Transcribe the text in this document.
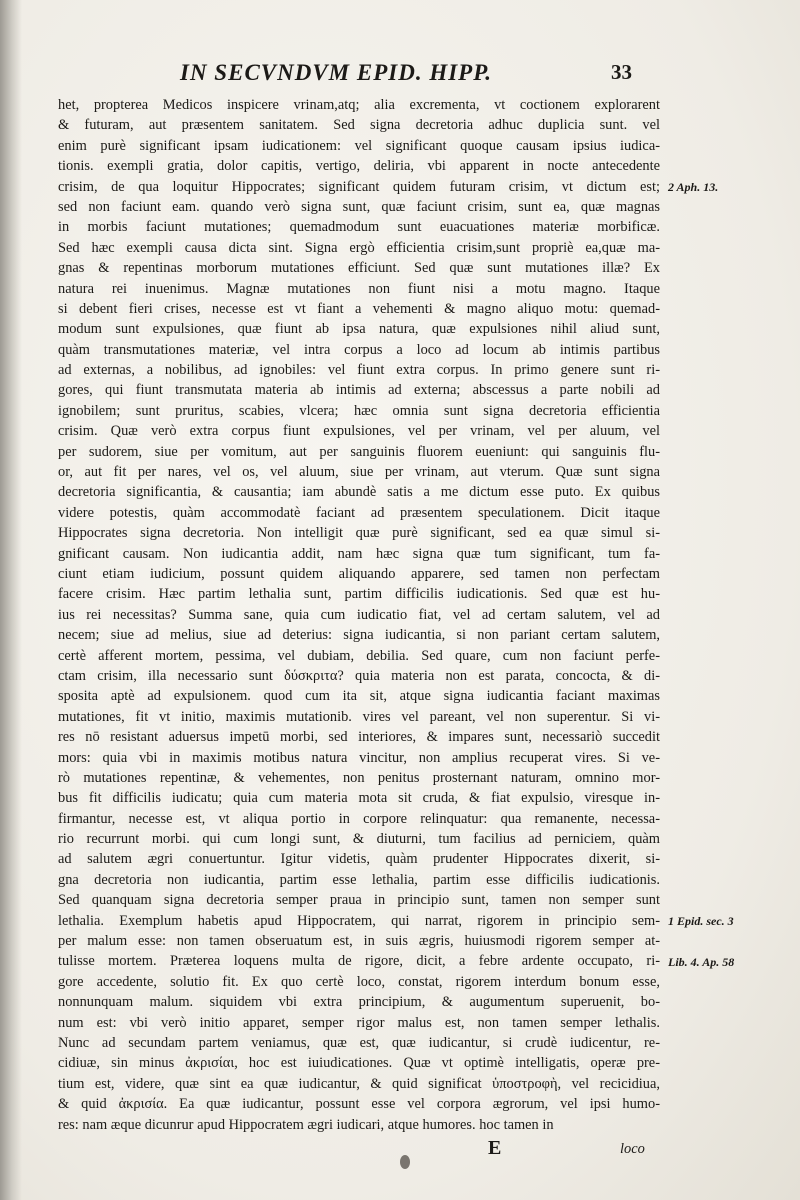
IN SECVNDVM EPID. HIPP.	33
het, propterea Medicos inspicere vrinam,atq; alia excrementa, vt coctionem explorarent
& futuram, aut præsentem sanitatem. Sed signa decretoria adhuc duplicia sunt. vel
enim purè significant ipsam iudicationem: vel significant quoque causam ipsius iudica-
tionis. exempli gratia, dolor capitis, vertigo, deliria, vbi apparent in nocte antecedente
crisim, de qua loquitur Hippocrates; significant quidem futuram crisim, vt dictum est;
sed non faciunt eam. quando verò signa sunt, quæ faciunt crisim, sunt ea, quæ magnas
in morbis faciunt mutationes; quemadmodum sunt euacuationes materiæ morbificæ.
Sed hæc exempli causa dicta sint. Signa ergò efficientia crisim,sunt propriè ea,quæ ma-
gnas & repentinas morborum mutationes efficiunt. Sed quæ sunt mutationes illæ? Ex
natura rei inuenimus. Magnæ mutationes non fiunt nisi a motu magno. Itaque
si debent fieri crises, necesse est vt fiant a vehementi & magno aliquo motu: quemad-
modum sunt expulsiones, quæ fiunt ab ipsa natura, quæ expulsiones nihil aliud sunt,
quàm transmutationes materiæ, vel intra corpus a loco ad locum ab intimis partibus
ad externas, a nobilibus, ad ignobiles: vel fiunt extra corpus. In primo genere sunt ri-
gores, qui fiunt transmutata materia ab intimis ad externa; abscessus a parte nobili ad
ignobilem; sunt pruritus, scabies, vlcera; hæc omnia sunt signa decretoria efficientia
crisim. Quæ verò extra corpus fiunt expulsiones, vel per vrinam, vel per aluum, vel
per sudorem, siue per vomitum, aut per sanguinis fluorem eueniunt: qui sanguinis flu-
or, aut fit per nares, vel os, vel aluum, siue per vrinam, aut vterum. Quæ sunt signa
decretoria significantia, & causantia; iam abundè satis a me dictum esse puto. Ex quibus
videre potestis, quàm accommodatè faciant ad præsentem speculationem. Dicit itaque
Hippocrates signa decretoria. Non intelligit quæ purè significant, sed ea quæ simul si-
gnificant causam. Non iudicantia addit, nam hæc signa quæ tum significant, tum fa-
ciunt etiam iudicium, possunt quidem aliquando apparere, sed tamen non perfectam
facere crisim. Hæc partim lethalia sunt, partim difficilis iudicationis. Sed quæ est hu-
ius rei necessitas? Summa sane, quia cum iudicatio fiat, vel ad certam salutem, vel ad
necem; siue ad melius, siue ad deterius: signa iudicantia, si non pariant certam salutem,
certè afferent mortem, pessima, vel dubiam, debilia. Sed quare, cum non faciunt perfe-
ctam crisim, illa necessario sunt δύσκριτα? quia materia non est parata, concocta, & di-
sposita aptè ad expulsionem. quod cum ita sit, atque signa iudicantia faciant maximas
mutationes, fit vt initio, maximis mutationib. vires vel pareant, vel non superentur. Si vi-
res nō resistant aduersus impetū morbi, sed interiores, & impares sunt, necessariò succedit
mors: quia vbi in maximis motibus natura vincitur, non amplius recuperat vires. Si ve-
rò mutationes repentinæ, & vehementes, non penitus prosternant naturam, omnino mor-
bus fit difficilis iudicatu; quia cum materia mota sit cruda, & fiat expulsio, viresque in-
firmantur, necesse est, vt aliqua portio in corpore relinquatur: qua remanente, necessa-
rio recurrunt morbi. qui cum longi sunt, & diuturni, tum facilius ad perniciem, quàm
ad salutem ægri conuertuntur. Igitur videtis, quàm prudenter Hippocrates dixerit, si-
gna decretoria non iudicantia, partim esse lethalia, partim esse difficilis iudicationis.
Sed quanquam signa decretoria semper praua in principio sunt, tamen non semper sunt
lethalia. Exemplum habetis apud Hippocratem, qui narrat, rigorem in principio sem-
per malum esse: non tamen obseruatum est, in suis ægris, huiusmodi rigorem semper at-
tulisse mortem. Præterea loquens multa de rigore, dicit, a febre ardente occupato, ri-
gore accedente, solutio fit. Ex quo certè loco, constat, rigorem interdum bonum esse,
nonnunquam malum. siquidem vbi extra principium, & augumentum superuenit, bo-
num est: vbi verò initio apparet, semper rigor malus est, non tamen semper lethalis.
Nunc ad secundam partem veniamus, quæ est, quæ iudicantur, si crudè iudicentur, re-
cidiuæ, sin minus ἀκρισίαι, hoc est iuiudicationes. Quæ vt optimè intelligatis, operæ pre-
tium est, videre, quæ sint ea quæ iudicantur, & quid significat ὑποστροφὴ, vel recicidiua,
& quid ἀκρισία. Ea quæ iudicantur, possunt esse vel corpora ægrorum, vel ipsi humo-
res: nam æque dicunrur apud Hippocratem ægri iudicari, atque humores. hoc tamen in
2 Aph. 13.
1 Epid. sec. 3
Lib. 4. Ap. 58
E	loco
